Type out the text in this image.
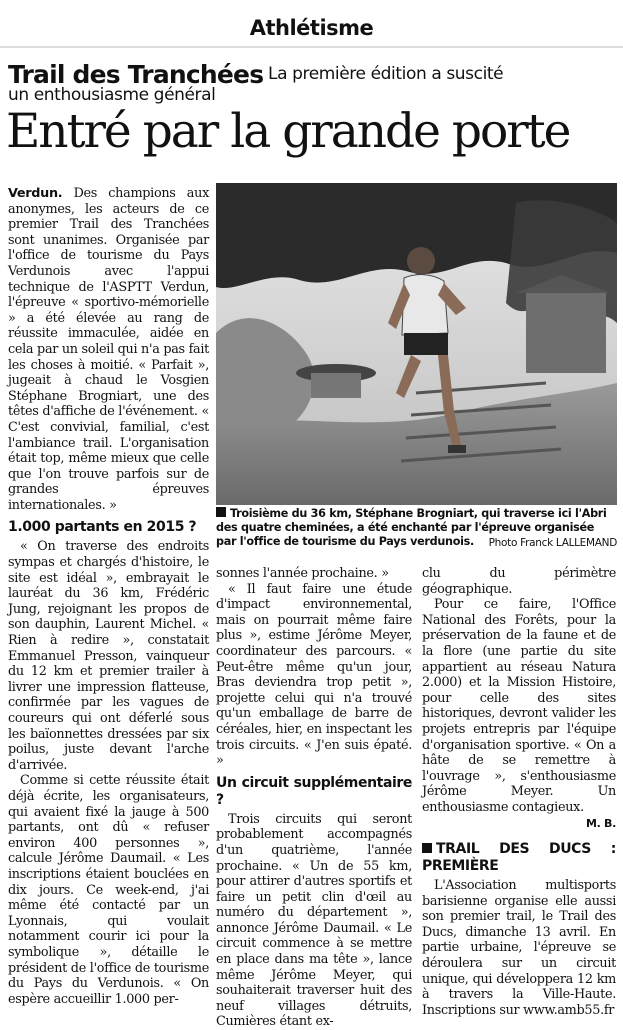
Athlétisme
Trail des Tranchées La première édition a suscité
un enthousiasme général
Entré par la grande porte

Verdun. Des champions aux anonymes, les acteurs de ce premier Trail des Tranchées sont unanimes. Organisée par l'office de tourisme du Pays Verdunois avec l'appui technique de l'ASPTT Verdun, l'épreuve « sportivo-mémorielle » a été élevée au rang de réussite immaculée, aidée en cela par un soleil qui n'a pas fait les choses à moitié. « Parfait », jugeait à chaud le Vosgien Stéphane Brogniart, une des têtes d'affiche de l'événement. « C'est convivial, familial, c'est l'ambiance trail. L'organisation était top, même mieux que celle que l'on trouve parfois sur de grandes épreuves internationales. »

1.000 partants en 2015 ?

« On traverse des endroits sympas et chargés d'histoire, le site est idéal », embrayait le lauréat du 36 km, Frédéric Jung, rejoignant les propos de son dauphin, Laurent Michel. « Rien à redire », constatait Emmanuel Presson, vainqueur du 12 km et premier trailer à livrer une impression flatteuse, confirmée par les vagues de coureurs qui ont déferlé sous les baïonnettes dressées par six poilus, juste devant l'arche d'arrivée.

Comme si cette réussite était déjà écrite, les organisateurs, qui avaient fixé la jauge à 500 partants, ont dû « refuser environ 400 personnes », calcule Jérôme Daumail. « Les inscriptions étaient bouclées en dix jours. Ce week-end, j'ai même été contacté par un Lyonnais, qui voulait notamment courir ici pour la symbolique », détaille le président de l'office de tourisme du Pays du Verdunois. « On espère accueillir 1.000 per-

Troisième du 36 km, Stéphane Brogniart, qui traverse ici l'Abri des quatre cheminées, a été enchanté par l'épreuve organisée par l'office de tourisme du Pays verdunois. Photo Franck LALLEMAND

sonnes l'année prochaine. »

« Il faut faire une étude d'impact environnemental, mais on pourrait même faire plus », estime Jérôme Meyer, coordinateur des parcours. « Peut-être même qu'un jour, Bras deviendra trop petit », projette celui qui n'a trouvé qu'un emballage de barre de céréales, hier, en inspectant les trois circuits. « J'en suis épaté. »

Un circuit supplémentaire ?

Trois circuits qui seront probablement accompagnés d'un quatrième, l'année prochaine. « Un de 55 km, pour attirer d'autres sportifs et faire un petit clin d'œil au numéro du département », annonce Jérôme Daumail. « Le circuit commence à se mettre en place dans ma tête », lance même Jérôme Meyer, qui souhaiterait traverser huit des neuf villages détruits, Cumières étant ex-

clu du périmètre géographique.

Pour ce faire, l'Office National des Forêts, pour la préservation de la faune et de la flore (une partie du site appartient au réseau Natura 2.000) et la Mission Histoire, pour celle des sites historiques, devront valider les projets entrepris par l'équipe d'organisation sportive. « On a hâte de se remettre à l'ouvrage », s'enthousiasme Jérôme Meyer. Un enthousiasme contagieux.

M. B.
TRAIL DES DUCS : PREMIÈRE

L'Association multisports barisienne organise elle aussi son premier trail, le Trail des Ducs, dimanche 13 avril. En partie urbaine, l'épreuve se déroulera sur un circuit unique, qui développera 12 km à travers la Ville-Haute. Inscriptions sur www.amb55.fr
